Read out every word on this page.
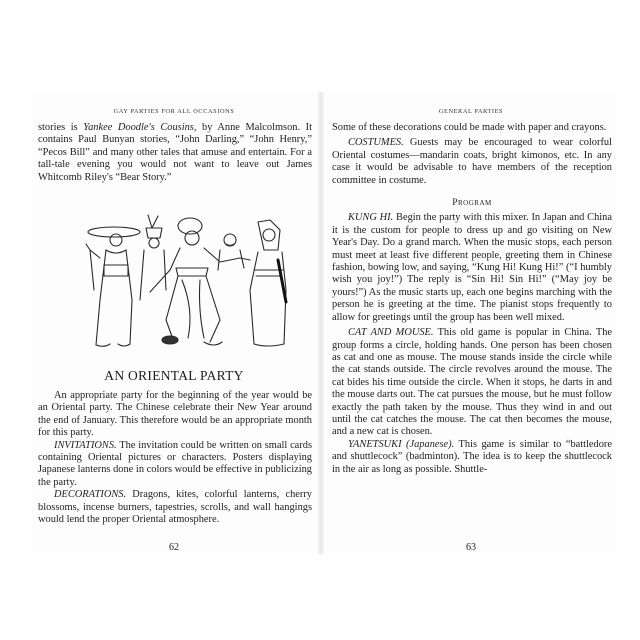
GAY PARTIES FOR ALL OCCASIONS

stories is Yankee Doodle's Cousins, by Anne Malcolmson. It contains Paul Bunyan stories, “John Darling,” “John Henry,” “Pecos Bill” and many other tales that amuse and entertain. For a tall-tale evening you would not want to leave out James Whitcomb Riley's “Bear Story.”

AN ORIENTAL PARTY

An appropriate party for the beginning of the year would be an Oriental party. The Chinese celebrate their New Year around the end of January. This therefore would be an appropriate month for this party.

INVITATIONS. The invitation could be written on small cards containing Oriental pictures or characters. Posters displaying Japanese lanterns done in colors would be effective in publicizing the party.

DECORATIONS. Dragons, kites, colorful lanterns, cherry blossoms, incense burners, tapestries, scrolls, and wall hangings would lend the proper Oriental atmosphere.

62
GENERAL PARTIES

Some of these decorations could be made with paper and crayons.

COSTUMES. Guests may be encouraged to wear colorful Oriental costumes—mandarin coats, bright kimonos, etc. In any case it would be advisable to have members of the reception committee in costume.

Program

KUNG HI. Begin the party with this mixer. In Japan and China it is the custom for people to dress up and go visiting on New Year's Day. Do a grand march. When the music stops, each person must meet at least five different people, greeting them in Chinese fashion, bowing low, and saying, “Kung Hi! Kung Hi!” (“I humbly wish you joy!”) The reply is “Sin Hi! Sin Hi!” (“May joy be yours!”) As the music starts up, each one begins marching with the person he is greeting at the time. The pianist stops frequently to allow for greetings until the group has been well mixed.

CAT AND MOUSE. This old game is popular in China. The group forms a circle, holding hands. One person has been chosen as cat and one as mouse. The mouse stands inside the circle while the cat stands outside. The circle revolves around the mouse. The cat bides his time outside the circle. When it stops, he darts in and the mouse darts out. The cat pursues the mouse, but he must follow exactly the path taken by the mouse. Thus they wind in and out until the cat catches the mouse. The cat then becomes the mouse, and a new cat is chosen.

YANETSUKI (Japanese). This game is similar to “battledore and shuttlecock” (badminton). The idea is to keep the shuttlecock in the air as long as possible. Shuttle-

63
